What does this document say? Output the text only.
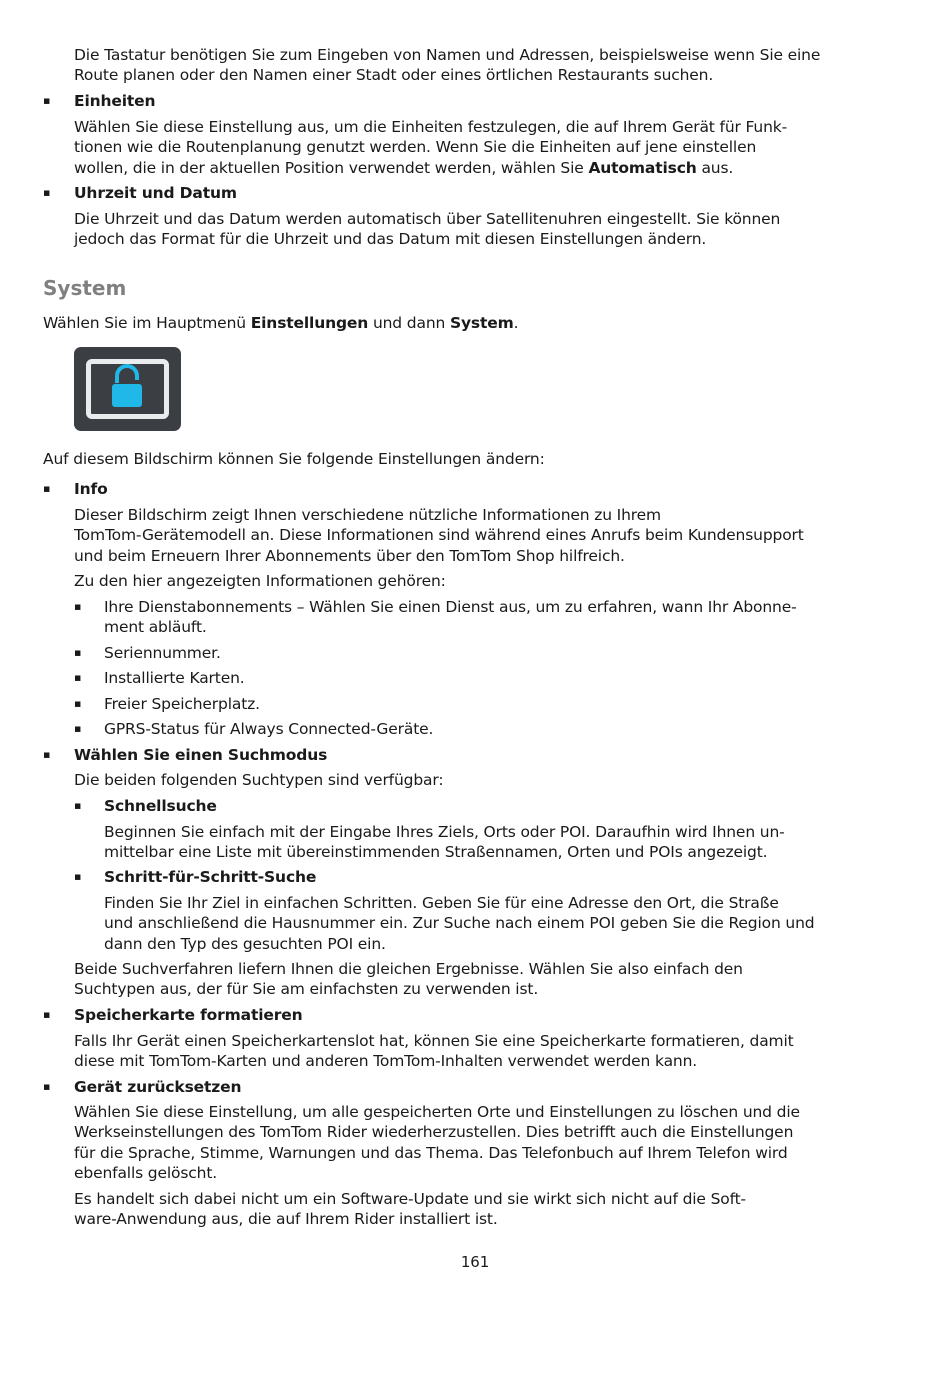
Die Tastatur benötigen Sie zum Eingeben von Namen und Adressen, beispielsweise wenn Sie eine

Route planen oder den Namen einer Stadt oder eines örtlichen Restaurants suchen.

▪ Einheiten

Wählen Sie diese Einstellung aus, um die Einheiten festzulegen, die auf Ihrem Gerät für Funk-

tionen wie die Routenplanung genutzt werden. Wenn Sie die Einheiten auf jene einstellen

wollen, die in der aktuellen Position verwendet werden, wählen Sie Automatisch aus.

▪ Uhrzeit und Datum

Die Uhrzeit und das Datum werden automatisch über Satellitenuhren eingestellt. Sie können

jedoch das Format für die Uhrzeit und das Datum mit diesen Einstellungen ändern.

System

Wählen Sie im Hauptmenü Einstellungen und dann System.

Auf diesem Bildschirm können Sie folgende Einstellungen ändern:
▪ Info

Dieser Bildschirm zeigt Ihnen verschiedene nützliche Informationen zu Ihrem

TomTom-Gerätemodell an. Diese Informationen sind während eines Anrufs beim Kundensupport

und beim Erneuern Ihrer Abonnements über den TomTom Shop hilfreich.

Zu den hier angezeigten Informationen gehören:
▪ Ihre Dienstabonnements – Wählen Sie einen Dienst aus, um zu erfahren, wann Ihr Abonne-

ment abläuft.

▪ Seriennummer.
▪ Installierte Karten.
▪ Freier Speicherplatz.
▪ GPRS-Status für Always Connected-Geräte.
▪ Wählen Sie einen Suchmodus
Die beiden folgenden Suchtypen sind verfügbar:
▪ Schnellsuche

Beginnen Sie einfach mit der Eingabe Ihres Ziels, Orts oder POI. Daraufhin wird Ihnen un-

mittelbar eine Liste mit übereinstimmenden Straßennamen, Orten und POIs angezeigt.

▪ Schritt-für-Schritt-Suche

Finden Sie Ihr Ziel in einfachen Schritten. Geben Sie für eine Adresse den Ort, die Straße

und anschließend die Hausnummer ein. Zur Suche nach einem POI geben Sie die Region und

dann den Typ des gesuchten POI ein.

Beide Suchverfahren liefern Ihnen die gleichen Ergebnisse. Wählen Sie also einfach den

Suchtypen aus, der für Sie am einfachsten zu verwenden ist.

▪ Speicherkarte formatieren

Falls Ihr Gerät einen Speicherkartenslot hat, können Sie eine Speicherkarte formatieren, damit

diese mit TomTom-Karten und anderen TomTom-Inhalten verwendet werden kann.

▪ Gerät zurücksetzen

Wählen Sie diese Einstellung, um alle gespeicherten Orte und Einstellungen zu löschen und die

Werkseinstellungen des TomTom Rider wiederherzustellen. Dies betrifft auch die Einstellungen

für die Sprache, Stimme, Warnungen und das Thema. Das Telefonbuch auf Ihrem Telefon wird

ebenfalls gelöscht.

Es handelt sich dabei nicht um ein Software-Update und sie wirkt sich nicht auf die Soft-

ware-Anwendung aus, die auf Ihrem Rider installiert ist.

161
